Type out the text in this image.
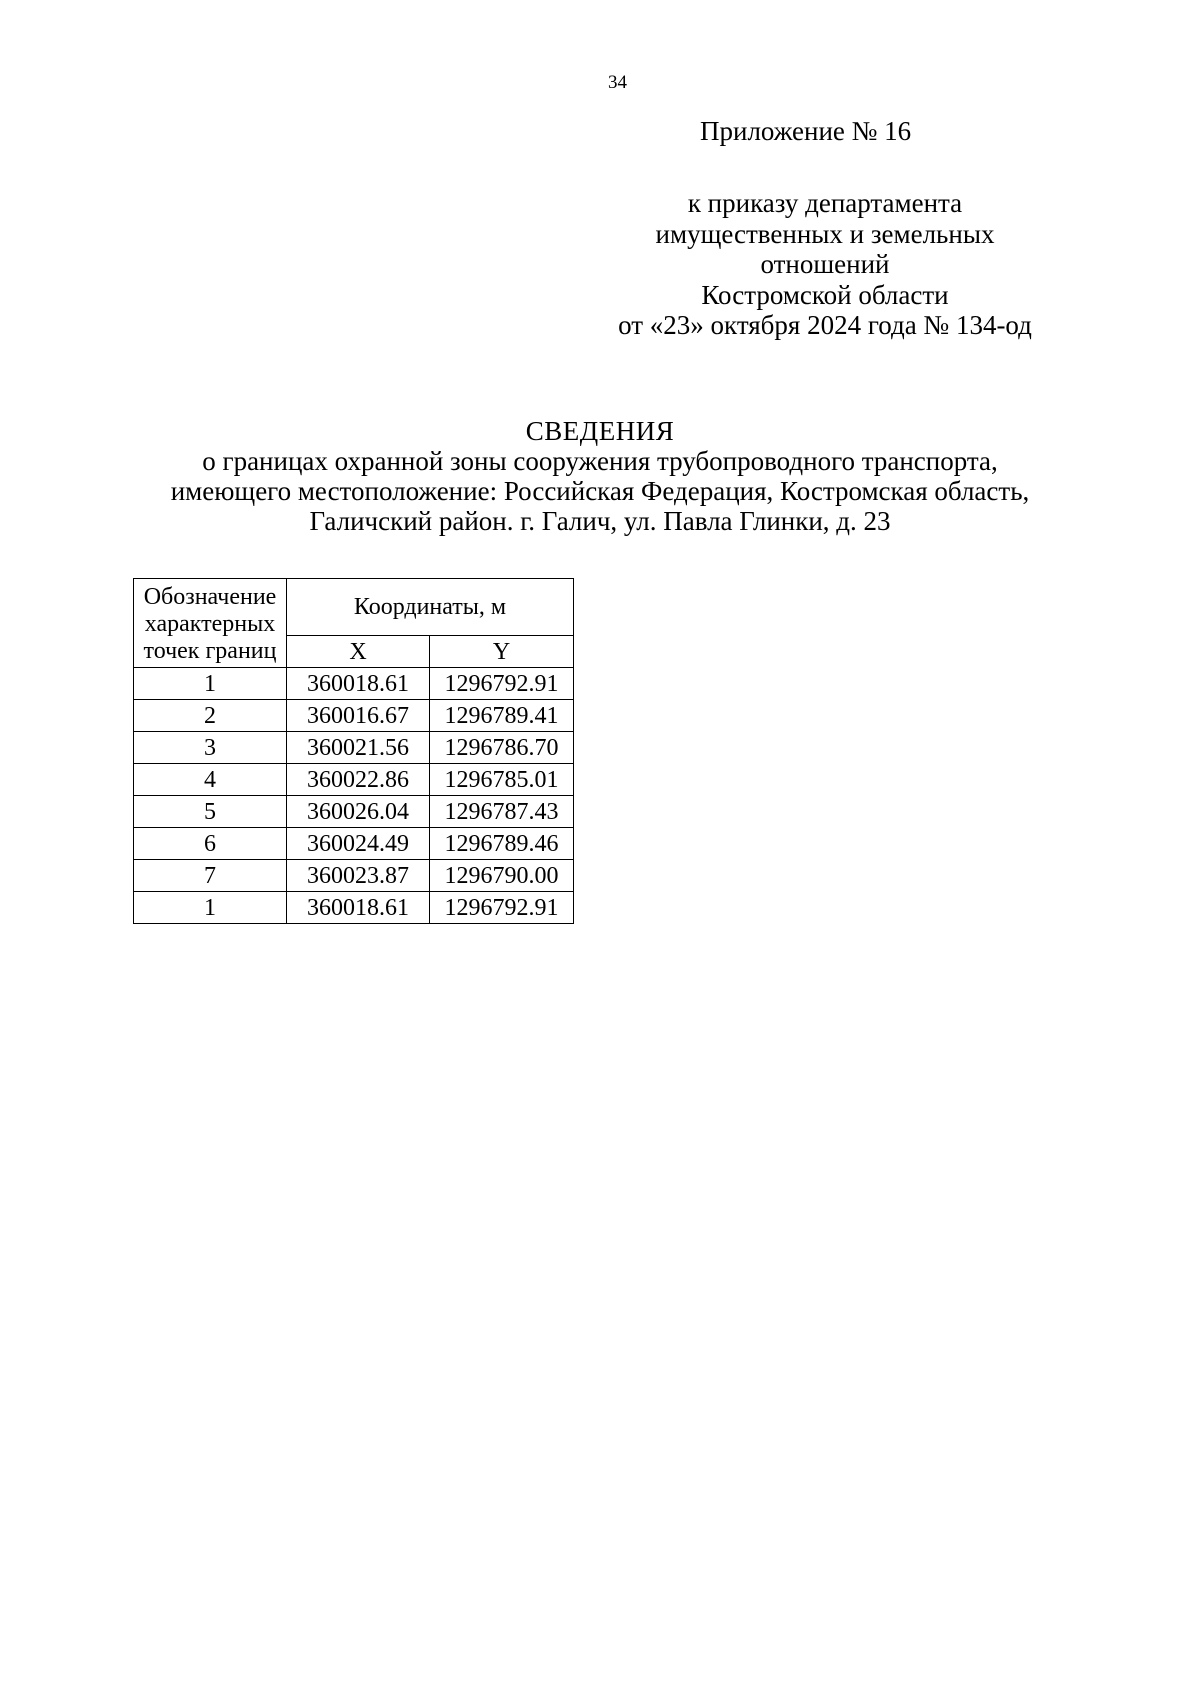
34
Приложение № 16
к приказу департамента
имущественных и земельных
отношений
Костромской области
от «23» октября 2024 года № 134-од
СВЕДЕНИЯ
о границах охранной зоны сооружения трубопроводного транспорта,
имеющего местоположение: Российская Федерация, Костромская область,
Галичский район. г. Галич, ул. Павла Глинки, д. 23
Обозначение характерных точек границ	Координаты, м	
	X	Y
1	360018.61	1296792.91
2	360016.67	1296789.41
3	360021.56	1296786.70
4	360022.86	1296785.01
5	360026.04	1296787.43
6	360024.49	1296789.46
7	360023.87	1296790.00
1	360018.61	1296792.91
